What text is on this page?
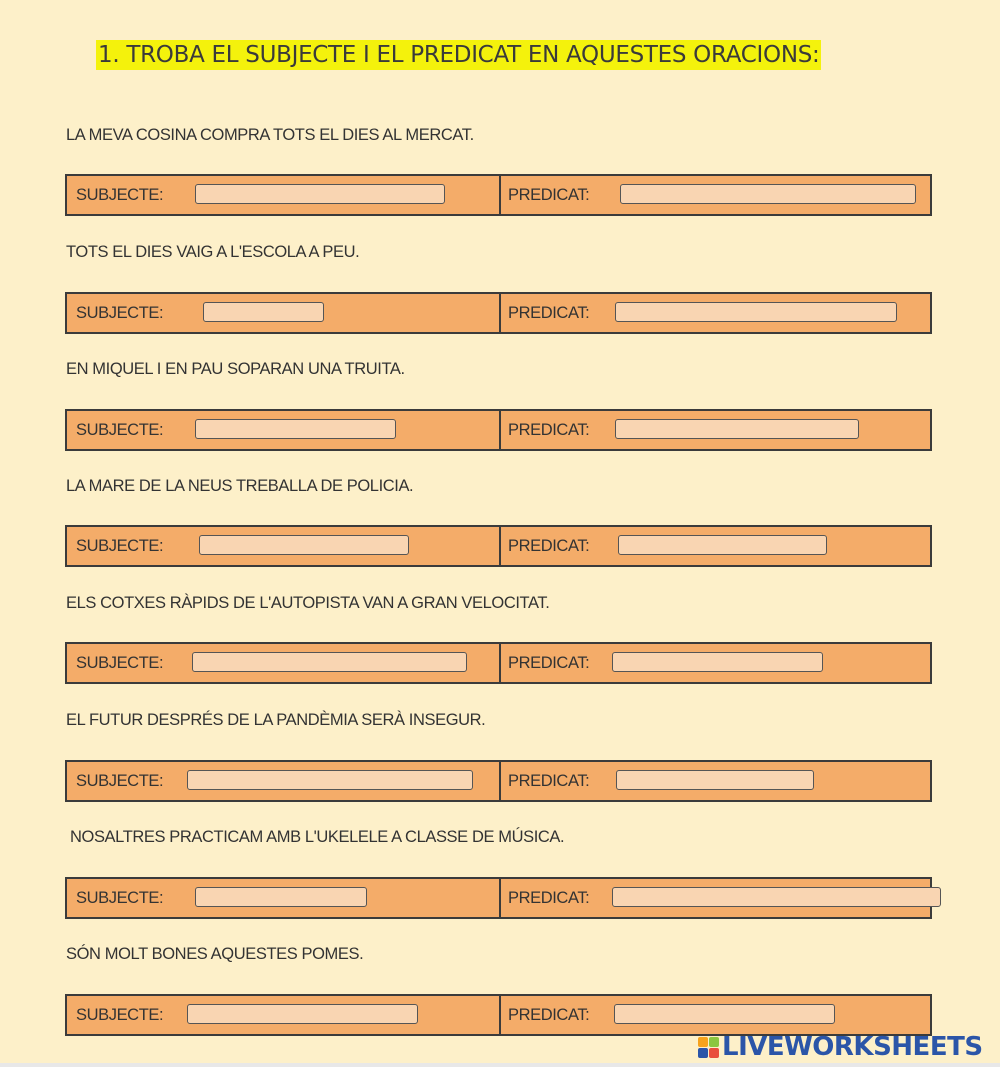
1. TROBA EL SUBJECTE I EL PREDICAT EN AQUESTES ORACIONS:

LA MEVA COSINA COMPRA TOTS EL DIES AL MERCAT.

SUBJECTE:	PREDICAT:

TOTS EL DIES VAIG A L'ESCOLA A PEU.

SUBJECTE:	PREDICAT:

EN MIQUEL I EN PAU SOPARAN UNA TRUITA.

SUBJECTE:	PREDICAT:

LA MARE DE LA NEUS TREBALLA DE POLICIA.

SUBJECTE:	PREDICAT:

ELS COTXES RÀPIDS DE L'AUTOPISTA VAN A GRAN VELOCITAT.

SUBJECTE:	PREDICAT:

EL FUTUR DESPRÉS DE LA PANDÈMIA SERÀ INSEGUR.

SUBJECTE:	PREDICAT:

NOSALTRES PRACTICAM AMB L'UKELELE A CLASSE DE MÚSICA.

SUBJECTE:	PREDICAT:

SÓN MOLT BONES AQUESTES POMES.

SUBJECTE:	PREDICAT:
LIVEWORKSHEETS
